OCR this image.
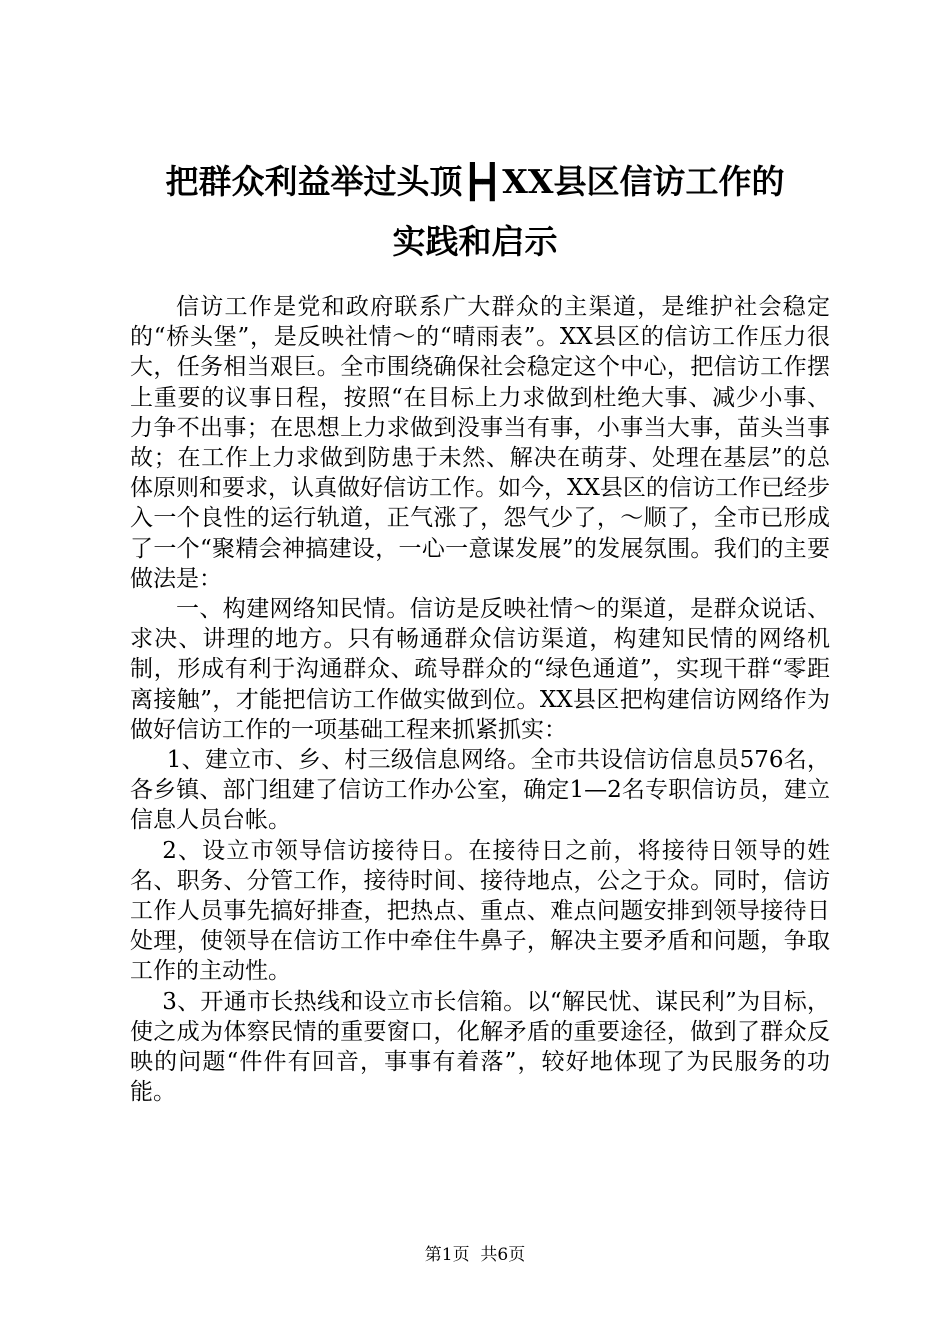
把群众利益举过头顶┣┫XX县区信访工作的
实践和启示

信访工作是党和政府联系广大群众的主渠道，是维护社会稳定的“桥头堡”，是反映社情～的“晴雨表”。XX县区的信访工作压力很大，任务相当艰巨。全市围绕确保社会稳定这个中心，把信访工作摆上重要的议事日程，按照“在目标上力求做到杜绝大事、减少小事、力争不出事；在思想上力求做到没事当有事，小事当大事，苗头当事故；在工作上力求做到防患于未然、解决在萌芽、处理在基层”的总体原则和要求，认真做好信访工作。如今，XX县区的信访工作已经步入一个良性的运行轨道，正气涨了，怨气少了，～顺了，全市已形成了一个“聚精会神搞建设，一心一意谋发展”的发展氛围。我们的主要做法是：

一、构建网络知民情。信访是反映社情～的渠道，是群众说话、求决、讲理的地方。只有畅通群众信访渠道，构建知民情的网络机制，形成有利于沟通群众、疏导群众的“绿色通道”，实现干群“零距离接触”，才能把信访工作做实做到位。XX县区把构建信访网络作为做好信访工作的一项基础工程来抓紧抓实：

1、建立市、乡、村三级信息网络。全市共设信访信息员576名，各乡镇、部门组建了信访工作办公室，确定1—2名专职信访员，建立信息人员台帐。

2、设立市领导信访接待日。在接待日之前，将接待日领导的姓名、职务、分管工作，接待时间、接待地点，公之于众。同时，信访工作人员事先搞好排查，把热点、重点、难点问题安排到领导接待日处理，使领导在信访工作中牵住牛鼻子，解决主要矛盾和问题，争取工作的主动性。

3、开通市长热线和设立市长信箱。以“解民忧、谋民利”为目标，使之成为体察民情的重要窗口，化解矛盾的重要途径，做到了群众反映的问题“件件有回音，事事有着落”，较好地体现了为民服务的功能。

第1页  共6页
